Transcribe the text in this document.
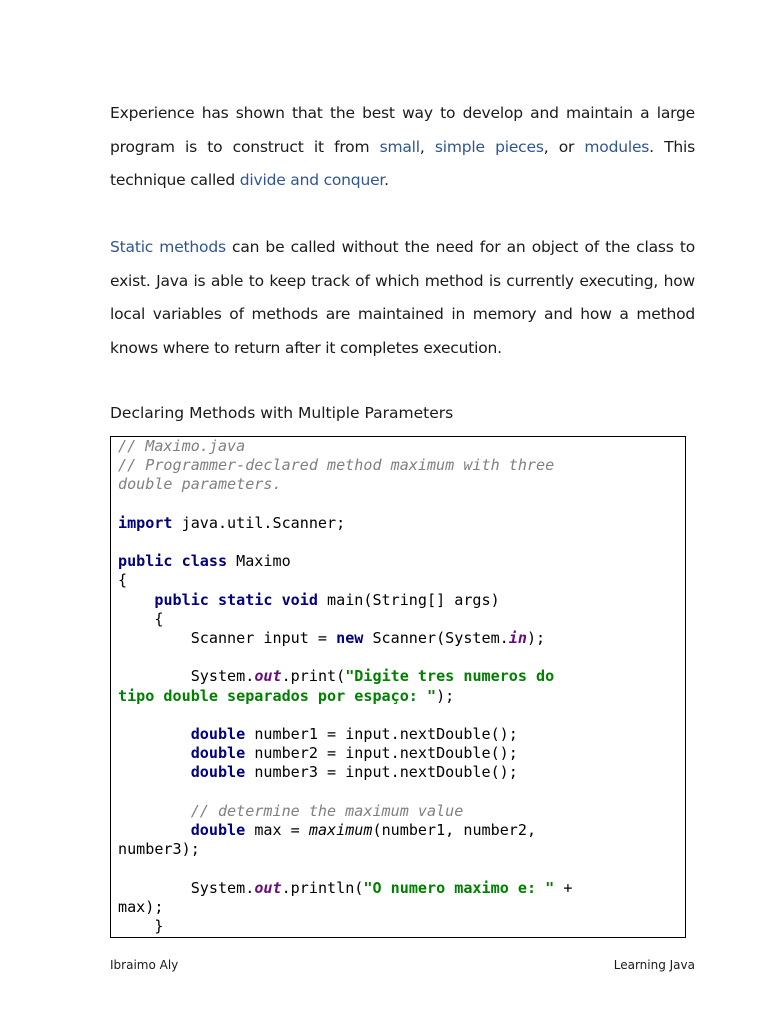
Experience has shown that the best way to develop and maintain a large program is to construct it from small, simple pieces, or modules. This technique called divide and conquer.

Static methods can be called without the need for an object of the class to exist. Java is able to keep track of which method is currently executing, how local variables of methods are maintained in memory and how a method knows where to return after it completes execution.

Declaring Methods with Multiple Parameters
// Maximo.java
// Programmer-declared method maximum with three
double parameters.

import java.util.Scanner;

public class Maximo
{
public static void main(String[] args)
{
Scanner input = new Scanner(System.in);

System.out.print("Digite tres numeros do
tipo double separados por espaço: ");

double number1 = input.nextDouble();
double number2 = input.nextDouble();
double number3 = input.nextDouble();

// determine the maximum value
double max = maximum(number1, number2,
number3);

System.out.println("O numero maximo e: " +
max);
}
Ibraimo Aly	Learning Java
